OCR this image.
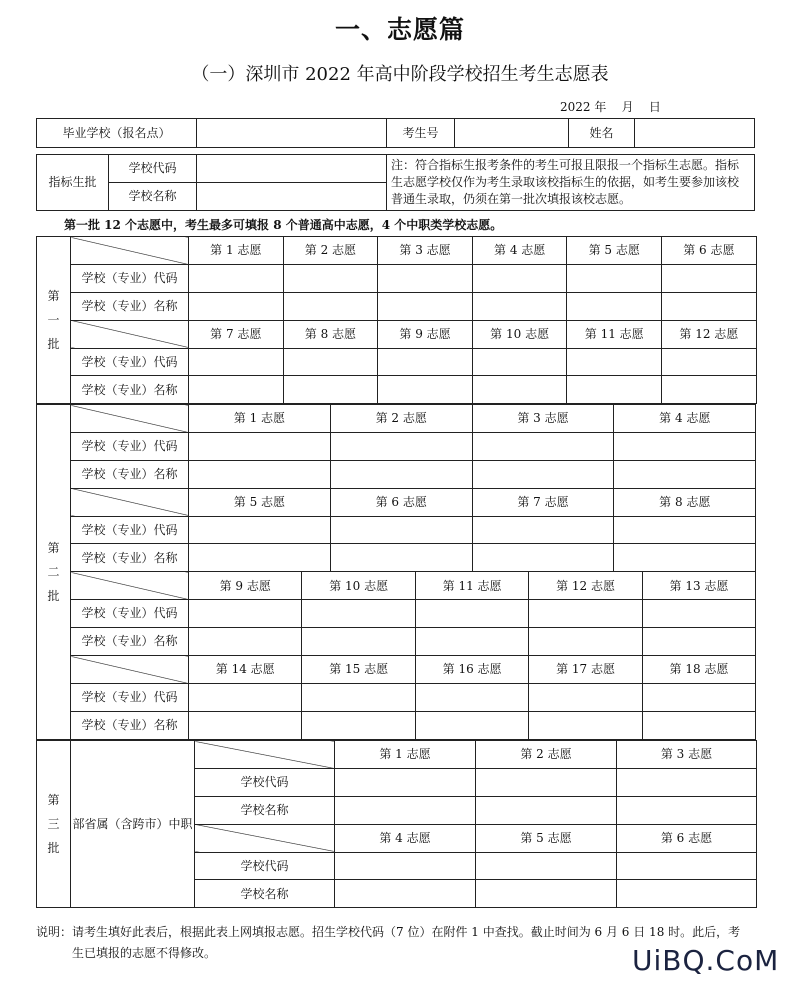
一、志愿篇
（一）深圳市 2022 年高中阶段学校招生考生志愿表
2022 年    月    日
毕业学校（报名点）		考生号		姓名	
指标生批	学校代码		注：符合指标生报考条件的考生可报且限报一个指标生志愿。指标生志愿学校仅作为考生录取该校指标生的依据，如考生要参加该校普通生录取，仍须在第一批次填报该校志愿。
	学校名称		
第一批 12 个志愿中，考生最多可填报 8 个普通高中志愿，4 个中职类学校志愿。
第
一
批		第 1 志愿	第 2 志愿	第 3 志愿	第 4 志愿	第 5 志愿	第 6 志愿
	学校（专业）代码						
	学校（专业）名称						
		第 7 志愿	第 8 志愿	第 9 志愿	第 10 志愿	第 11 志愿	第 12 志愿
	学校（专业）代码						
	学校（专业）名称						
第
二
批		第 1 志愿		第 2 志愿		第 3 志愿		第 4 志愿	
	学校（专业）代码								
	学校（专业）名称								
		第 5 志愿		第 6 志愿		第 7 志愿		第 8 志愿	
	学校（专业）代码								
	学校（专业）名称								
		第 9 志愿	第 10 志愿		第 11 志愿		第 12 志愿		第 13 志愿
	学校（专业）代码								
	学校（专业）名称								
		第 14 志愿	第 15 志愿		第 16 志愿		第 17 志愿		第 18 志愿
	学校（专业）代码								
	学校（专业）名称								
第
三
批	部省属（含跨市）中职		第 1 志愿	第 2 志愿	第 3 志愿
		学校代码			
		学校名称			
			第 4 志愿	第 5 志愿	第 6 志愿
		学校代码			
		学校名称			
说明：请考生填好此表后，根据此表上网填报志愿。招生学校代码（7 位）在附件 1 中查找。截止时间为 6 月 6 日 18 时。此后，考
生已填报的志愿不得修改。	UiBQ.CoM
